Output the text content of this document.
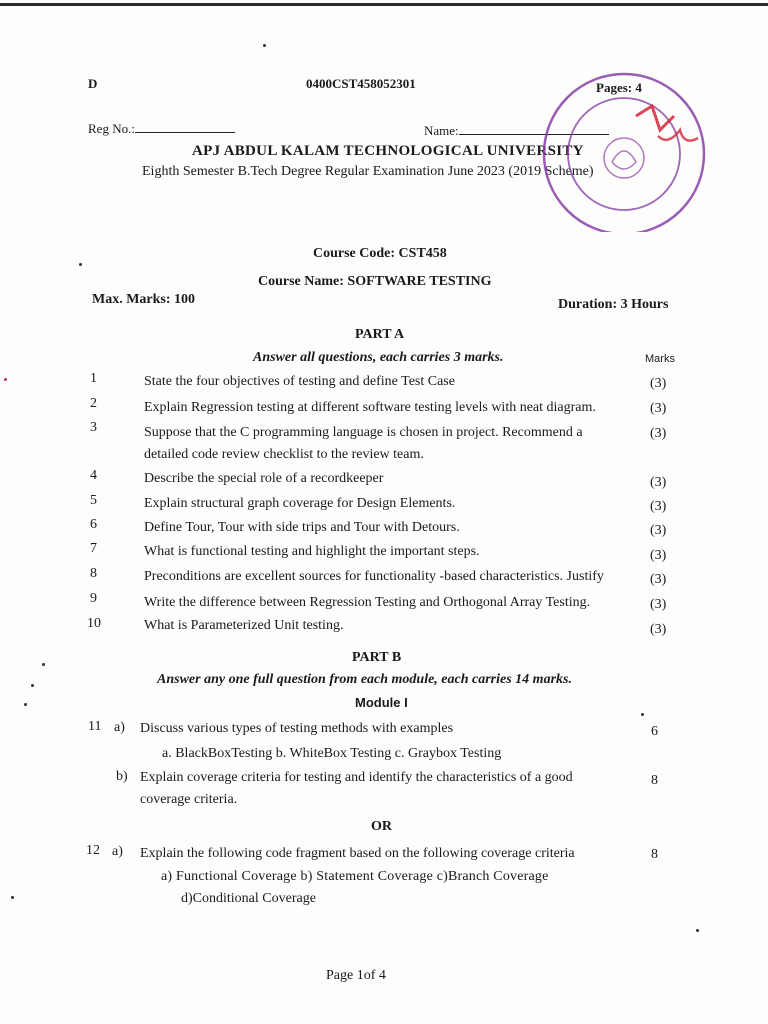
D	0400CST458052301	Pages: 4
Reg No.:	Name:
APJ ABDUL KALAM TECHNOLOGICAL UNIVERSITY
Eighth Semester B.Tech Degree Regular Examination June 2023 (2019 Scheme)
Course Code: CST458
Course Name: SOFTWARE TESTING
Max. Marks: 100	Duration: 3 Hours
PART A
Answer all questions, each carries 3 marks.	Marks
1	State the four objectives of testing and define Test Case	(3)
2	Explain Regression testing at different software testing levels with neat diagram.	(3)
3	Suppose that the C programming language is chosen in project. Recommend a	(3)
detailed code review checklist to the review team.
4	Describe the special role of a recordkeeper	(3)
5	Explain structural graph coverage for Design Elements.	(3)
6	Define Tour, Tour with side trips and Tour with Detours.	(3)
7	What is functional testing and highlight the important steps.	(3)
8	Preconditions are excellent sources for functionality -based characteristics. Justify	(3)
9	Write the difference between Regression Testing and Orthogonal Array Testing.	(3)
10	What is Parameterized Unit testing.	(3)
PART B
Answer any one full question from each module, each carries 14 marks.
Module I
11 a) Discuss various types of testing methods with examples	6
a. BlackBoxTesting b. WhiteBox Testing c. Graybox Testing
b) Explain coverage criteria for testing and identify the characteristics of a good	8
coverage criteria.
OR
12 a) Explain the following code fragment based on the following coverage criteria	8
a) Functional Coverage b) Statement Coverage c)Branch Coverage
d)Conditional Coverage
Page 1of 4
